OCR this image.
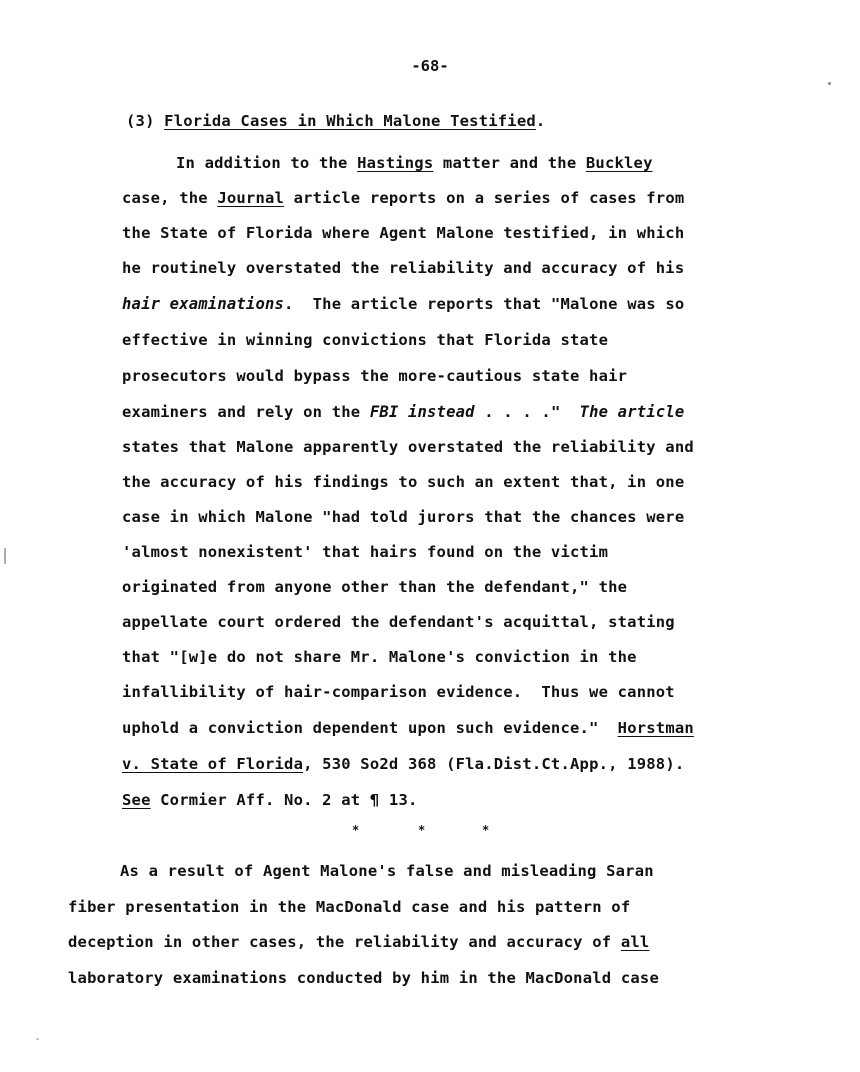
-68-
(3) Florida Cases in Which Malone Testified.
In addition to the Hastings matter and the Buckley
case, the Journal article reports on a series of cases from
the State of Florida where Agent Malone testified, in which
he routinely overstated the reliability and accuracy of his
hair examinations.  The article reports that "Malone was so
effective in winning convictions that Florida state
prosecutors would bypass the more-cautious state hair
examiners and rely on the FBI instead . . . ."  The article
states that Malone apparently overstated the reliability and
the accuracy of his findings to such an extent that, in one
case in which Malone "had told jurors that the chances were
'almost nonexistent' that hairs found on the victim
originated from anyone other than the defendant," the
appellate court ordered the defendant's acquittal, stating
that "[w]e do not share Mr. Malone's conviction in the
infallibility of hair-comparison evidence.  Thus we cannot
uphold a conviction dependent upon such evidence."  Horstman
v. State of Florida, 530 So2d 368 (Fla.Dist.Ct.App., 1988).
See Cormier Aff. No. 2 at ¶ 13.
*	*	*
As a result of Agent Malone's false and misleading Saran
fiber presentation in the MacDonald case and his pattern of
deception in other cases, the reliability and accuracy of all
laboratory examinations conducted by him in the MacDonald case
